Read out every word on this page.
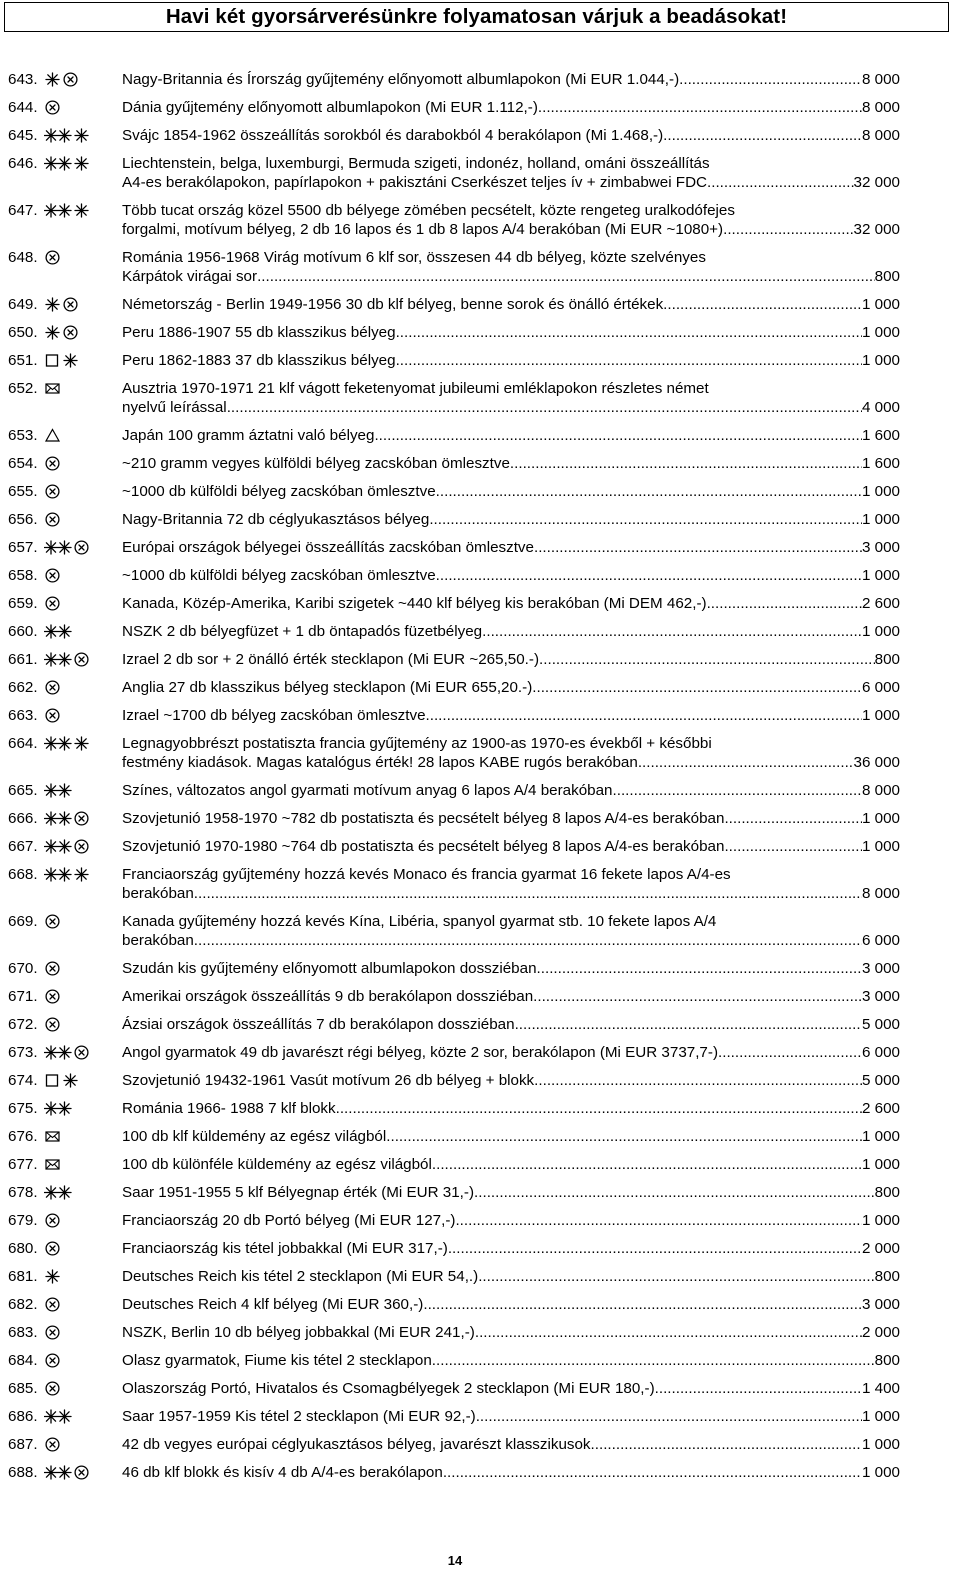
Havi két gyorsárverésünkre folyamatosan várjuk a beadásokat!
643.	Nagy-Britannia és Írország gyűjtemény előnyomott albumlapokon (Mi EUR 1.044,-) .....	8 000
644.	Dánia gyűjtemény előnyomott albumlapokon (Mi EUR 1.112,-) .....	8 000
645.	Svájc 1854-1962 összeállítás sorokból és darabokból 4 berakólapon (Mi 1.468,-) .....	8 000
646.	Liechtenstein, belga, luxemburgi, Bermuda szigeti, indonéz, holland, ománi összeállítás
A4-es berakólapokon, papírlapokon + pakisztáni Cserkészet teljes ív + zimbabwei FDC .....	32 000
647.	Több tucat ország közel 5500 db bélyege zömében pecsételt, közte rengeteg uralkodófejes
forgalmi, motívum bélyeg, 2 db 16 lapos és 1 db 8 lapos A/4 berakóban (Mi EUR ~1080+) .....	32 000
648.	Románia 1956-1968 Virág motívum 6 klf sor, összesen 44 db bélyeg, közte szelvényes
Kárpátok virágai sor .....	800
649.	Németország - Berlin 1949-1956 30 db klf bélyeg, benne sorok és önálló értékek .....	1 000
650.	Peru 1886-1907 55 db klasszikus bélyeg .....	1 000
651.	Peru 1862-1883 37 db klasszikus bélyeg .....	1 000
652.	Ausztria 1970-1971 21 klf vágott feketenyomat jubileumi emléklapokon részletes német
nyelvű leírással .....	4 000
653.	Japán 100 gramm áztatni való bélyeg .....	1 600
654.	~210 gramm vegyes külföldi bélyeg zacskóban ömlesztve .....	1 600
655.	~1000 db külföldi bélyeg zacskóban ömlesztve .....	1 000
656.	Nagy-Britannia 72 db céglyukasztásos bélyeg .....	1 000
657.	Európai országok bélyegei összeállítás zacskóban ömlesztve .....	3 000
658.	~1000 db külföldi bélyeg zacskóban ömlesztve .....	1 000
659.	Kanada, Közép-Amerika, Karibi szigetek ~440 klf bélyeg kis berakóban (Mi DEM 462,-) .....	2 600
660.	NSZK 2 db bélyegfüzet + 1 db öntapadós füzetbélyeg .....	1 000
661.	Izrael 2 db sor + 2 önálló érték stecklapon (Mi EUR ~265,50.-) .....	800
662.	Anglia 27 db klasszikus bélyeg stecklapon (Mi EUR 655,20.-) .....	6 000
663.	Izrael ~1700 db bélyeg zacskóban ömlesztve .....	1 000
664.	Legnagyobbrészt postatiszta francia gyűjtemény az 1900-as 1970-es évekből + későbbi
festmény kiadások. Magas katalógus érték! 28 lapos KABE rugós berakóban .....	36 000
665.	Színes, változatos angol gyarmati motívum anyag 6 lapos A/4 berakóban .....	8 000
666.	Szovjetunió 1958-1970 ~782 db postatiszta és pecsételt bélyeg 8 lapos A/4-es berakóban .....	1 000
667.	Szovjetunió 1970-1980 ~764 db postatiszta és pecsételt bélyeg 8 lapos A/4-es berakóban .....	1 000
668.	Franciaország gyűjtemény hozzá kevés Monaco és francia gyarmat 16 fekete lapos A/4-es
berakóban .....	8 000
669.	Kanada gyűjtemény hozzá kevés Kína, Libéria, spanyol gyarmat stb. 10 fekete lapos A/4
berakóban .....	6 000
670.	Szudán kis gyűjtemény előnyomott albumlapokon dossziéban .....	3 000
671.	Amerikai országok összeállítás 9 db berakólapon dossziéban .....	3 000
672.	Ázsiai országok összeállítás 7 db berakólapon dossziéban .....	5 000
673.	Angol gyarmatok 49 db javarészt régi bélyeg, közte 2 sor, berakólapon (Mi EUR 3737,7-) .....	6 000
674.	Szovjetunió 19432-1961 Vasút motívum 26 db bélyeg + blokk .....	5 000
675.	Románia 1966- 1988 7 klf blokk .....	2 600
676.	100 db klf küldemény az egész világból .....	1 000
677.	100 db különféle küldemény az egész világból .....	1 000
678.	Saar 1951-1955 5 klf Bélyegnap érték (Mi EUR 31,-) .....	800
679.	Franciaország 20 db Portó bélyeg (Mi EUR 127,-) .....	1 000
680.	Franciaország kis tétel jobbakkal (Mi EUR 317,-) .....	2 000
681.	Deutsches Reich kis tétel 2 stecklapon (Mi EUR 54,.) .....	800
682.	Deutsches Reich 4 klf bélyeg (Mi EUR 360,-) .....	3 000
683.	NSZK, Berlin 10 db bélyeg jobbakkal (Mi EUR 241,-) .....	2 000
684.	Olasz gyarmatok, Fiume kis tétel 2 stecklapon .....	800
685.	Olaszország Portó, Hivatalos és Csomagbélyegek 2 stecklapon (Mi EUR 180,-) .....	1 400
686.	Saar 1957-1959 Kis tétel 2 stecklapon (Mi EUR 92,-) .....	1 000
687.	42 db vegyes európai céglyukasztásos bélyeg, javarészt klasszikusok .....	1 000
688.	46 db klf blokk és kisív 4 db A/4-es berakólapon .....	1 000
14
